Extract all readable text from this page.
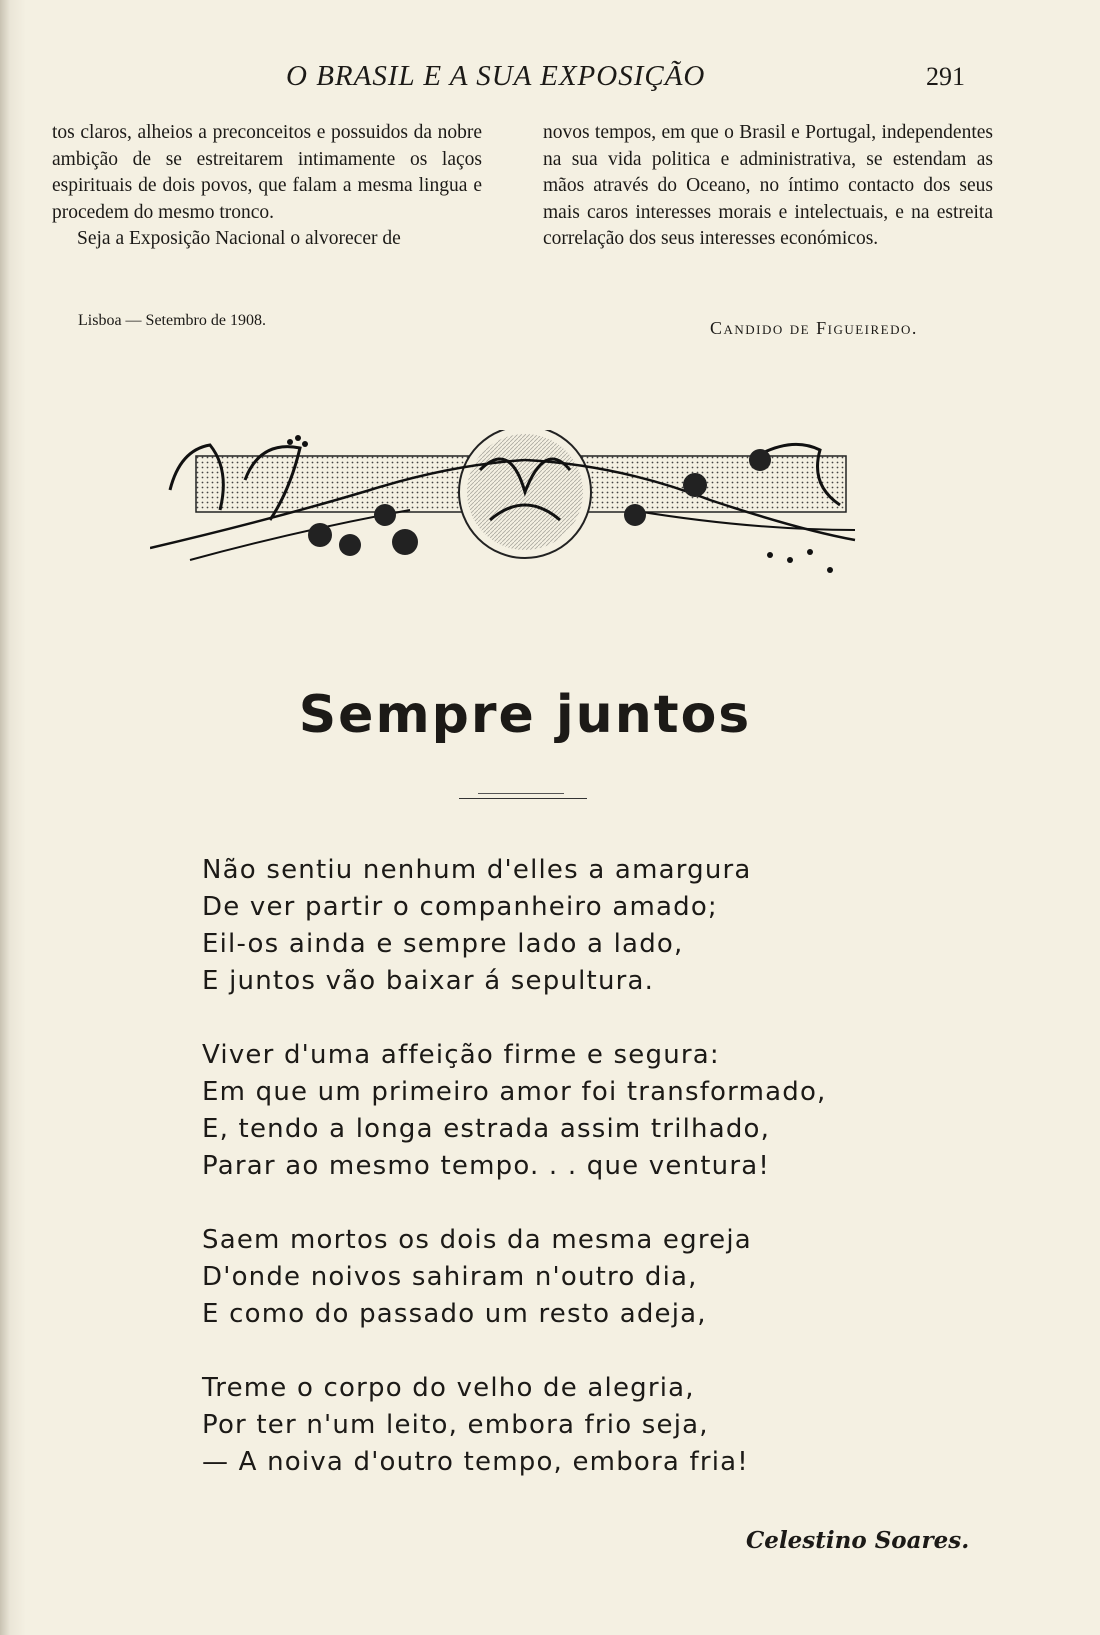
O BRASIL E A SUA EXPOSIÇÃO	291

tos claros, alheios a preconceitos e possuidos da nobre ambição de se estreitarem intimamente os laços espirituais de dois povos, que falam a mesma lingua e procedem do mesmo tronco.

Seja a Exposição Nacional o alvorecer de

novos tempos, em que o Brasil e Portugal, independentes na sua vida politica e administrativa, se estendam as mãos através do Oceano, no íntimo contacto dos seus mais caros interesses morais e intelectuais, e na estreita correlação dos seus interesses económicos.

Lisboa — Setembro de 1908.	Candido de Figueiredo.
Sempre juntos
Não sentiu nenhum d'elles a amargura
De ver partir o companheiro amado;
Eil-os ainda e sempre lado a lado,
E juntos vão baixar á sepultura.
Viver d'uma affeição firme e segura:
Em que um primeiro amor foi transformado,
E, tendo a longa estrada assim trilhado,
Parar ao mesmo tempo. . . que ventura!
Saem mortos os dois da mesma egreja
D'onde noivos sahiram n'outro dia,
E como do passado um resto adeja,
Treme o corpo do velho de alegria,
Por ter n'um leito, embora frio seja,
— A noiva d'outro tempo, embora fria!
Celestino Soares.
